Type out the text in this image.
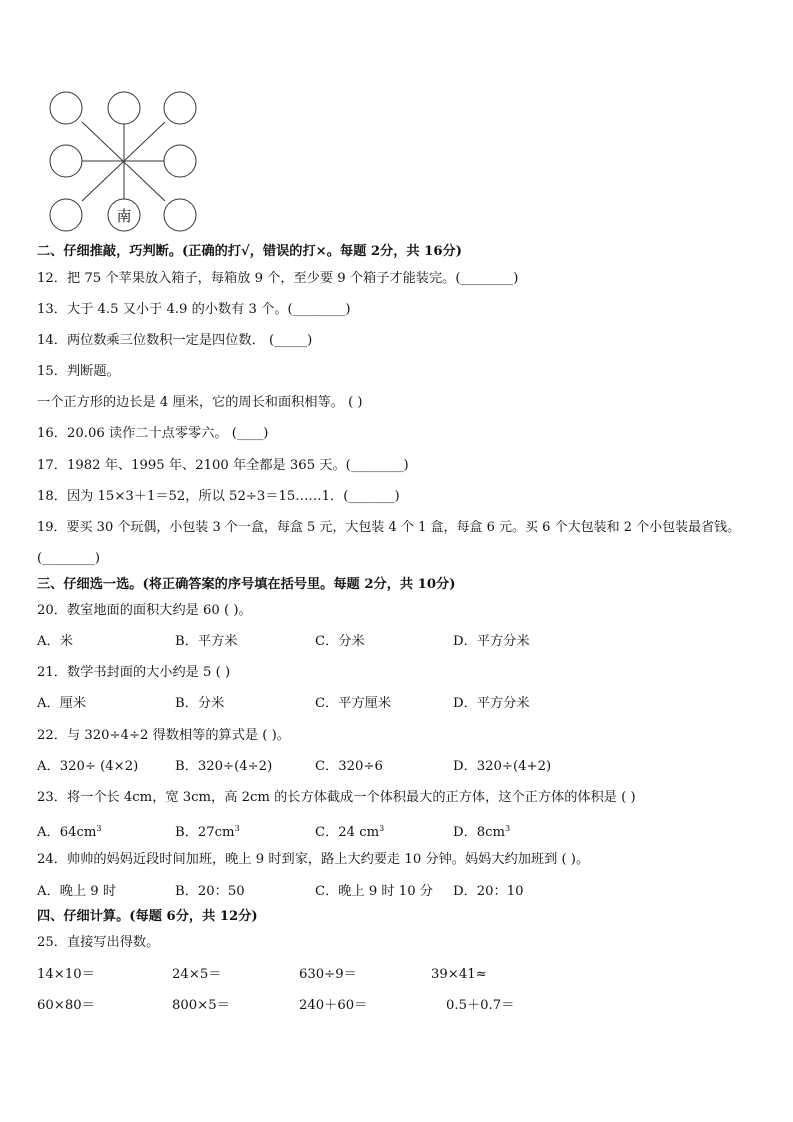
南
二、仔细推敲，巧判断。(正确的打√，错误的打×。每题 2分，共 16分)
12．把 75 个苹果放入箱子，每箱放 9 个，至少要 9 个箱子才能装完。(________)
13．大于 4.5 又小于 4.9 的小数有 3 个。(________)
14．两位数乘三位数积一定是四位数． (_____)
15．判断题。
一个正方形的边长是 4 厘米，它的周长和面积相等。 ( )
16．20.06 读作二十点零零六。 (____)
17．1982 年、1995 年、2100 年全都是 365 天。(________)
18．因为 15×3＋1＝52，所以 52÷3＝15……1．(_______)
19．要买 30 个玩偶，小包装 3 个一盒，每盒 5 元，大包装 4 个 1 盒，每盒 6 元。买 6 个大包装和 2 个小包装最省钱。
(________)
三、仔细选一选。(将正确答案的序号填在括号里。每题 2分，共 10分)
20．教室地面的面积大约是 60 ( )。
A．米	B．平方米	C．分米	D．平方分米
21．数学书封面的大小约是 5 ( )
A．厘米	B．分米	C．平方厘米	D．平方分米
22．与 320÷4÷2 得数相等的算式是 ( )。
A．320÷ (4×2)	B．320÷(4÷2)	C．320÷6	D．320÷(4+2)
23．将一个长 4cm，宽 3cm，高 2cm 的长方体截成一个体积最大的正方体，这个正方体的体积是 ( )
A．$64cm^3$	B．$27cm^3$	C．24 $cm^3$	D．$8cm^3$
24．帅帅的妈妈近段时间加班，晚上 9 时到家，路上大约要走 10 分钟。妈妈大约加班到 ( )。
A．晚上 9 时	B．20：50	C．晚上 9 时 10 分 D．20：10
四、仔细计算。(每题 6分，共 12分)
25．直接写出得数。
14×10＝	24×5＝	630÷9＝	39×41≈
60×80＝	800×5＝	240＋60＝	0.5＋0.7＝
